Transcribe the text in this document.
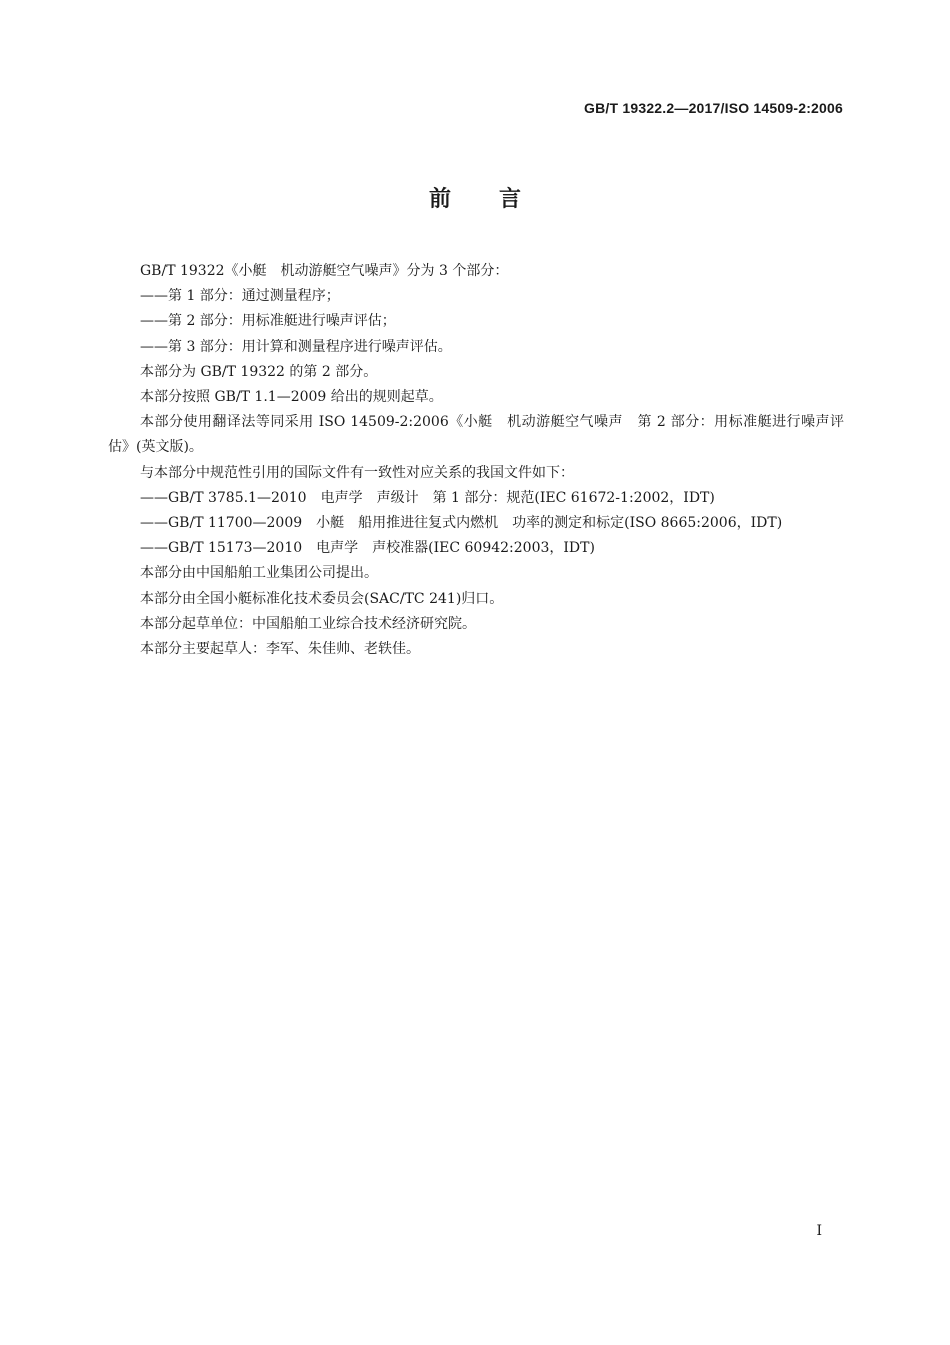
GB/T 19322.2—2017/ISO 14509-2:2006
前言

GB/T 19322《小艇　机动游艇空气噪声》分为 3 个部分：

——第 1 部分：通过测量程序；

——第 2 部分：用标准艇进行噪声评估；

——第 3 部分：用计算和测量程序进行噪声评估。

本部分为 GB/T 19322 的第 2 部分。

本部分按照 GB/T 1.1—2009 给出的规则起草。

本部分使用翻译法等同采用 ISO 14509-2:2006《小艇　机动游艇空气噪声　第 2 部分：用标准艇进行噪声评估》(英文版)。

与本部分中规范性引用的国际文件有一致性对应关系的我国文件如下：

——GB/T 3785.1—2010　电声学　声级计　第 1 部分：规范(IEC 61672-1:2002，IDT)

——GB/T 11700—2009　小艇　船用推进往复式内燃机　功率的测定和标定(ISO 8665:2006，IDT)

——GB/T 15173—2010　电声学　声校准器(IEC 60942:2003，IDT)

本部分由中国船舶工业集团公司提出。

本部分由全国小艇标准化技术委员会(SAC/TC 241)归口。

本部分起草单位：中国船舶工业综合技术经济研究院。

本部分主要起草人：李军、朱佳帅、老轶佳。

I
